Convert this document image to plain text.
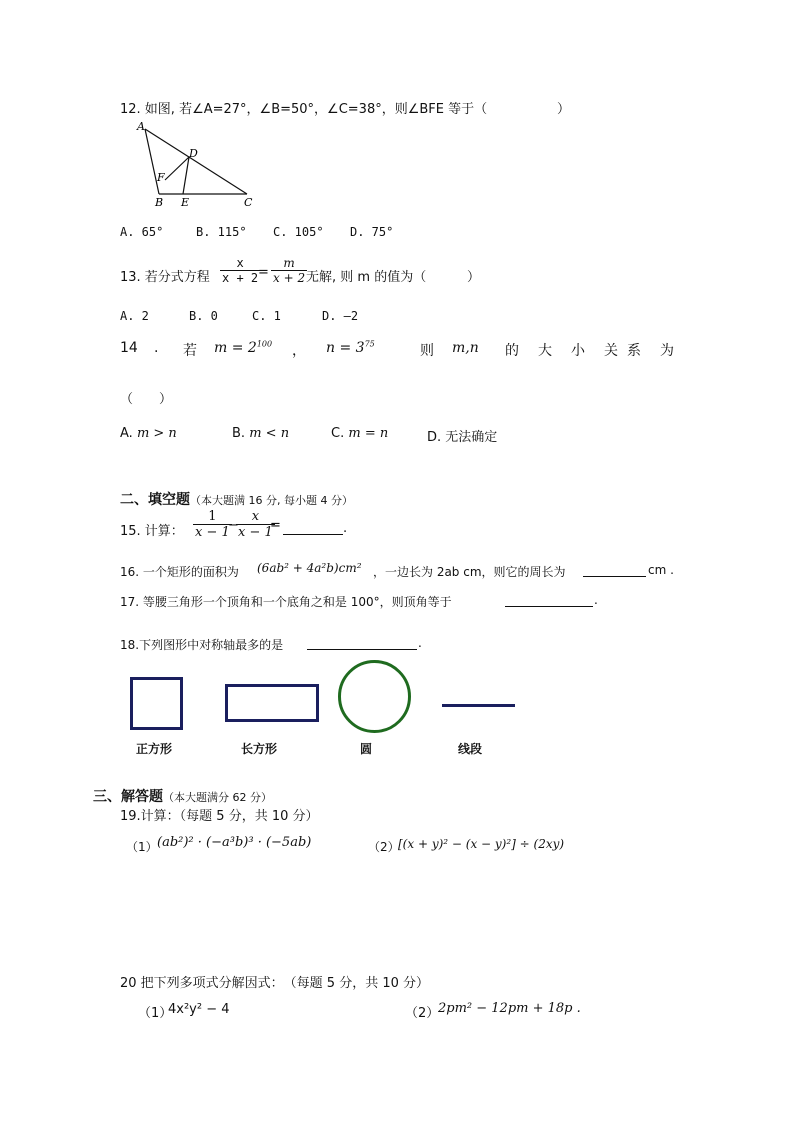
12. 如图, 若∠A=27°，∠B=50°，∠C=38°，则∠BFE 等于（	）
A
D
F
B E	C
A. 65°	B. 115° C. 105° D. 75°
13. 若分式方程 $\frac{x}{x + 2}$
= $\frac{m}{x + 2}$
无解, 则 m 的值为（	）
A. 2	B. 0	C. 1	D. —2
14 . 若 $m = 2^{100}$ ， $n = 3^{75}$	则 m,n 的 大 小 关 系 为
（　　）
A. m > n	B. m < n	C. m = n	D. 无法确定
二、填空题（本大题满 16 分, 每小题 4 分）
15. 计算： $\frac{1}{x - 1}$
−
$\frac{x}{x - 1}$
=	.
16. 一个矩形的面积为 (6ab² + 4a²b)cm² ，一边长为 2ab cm，则它的周长为	cm .
17. 等腰三角形一个顶角和一个底角之和是 100°，则顶角等于	.
18.下列图形中对称轴最多的是	.
正方形	长方形	圆	线段
三、解答题（本大题满分 62 分）
19.计算：（每题 5 分，共 10 分）
（1） (ab²)² · (−a³b)³ · (−5ab)	（2）
[(x + y)² − (x − y)²] ÷ (2xy)
20 把下列多项式分解因式：　（每题 5 分，共 10 分）
（1）
4x²y² − 4	（2）
2pm² − 12pm + 18p .
